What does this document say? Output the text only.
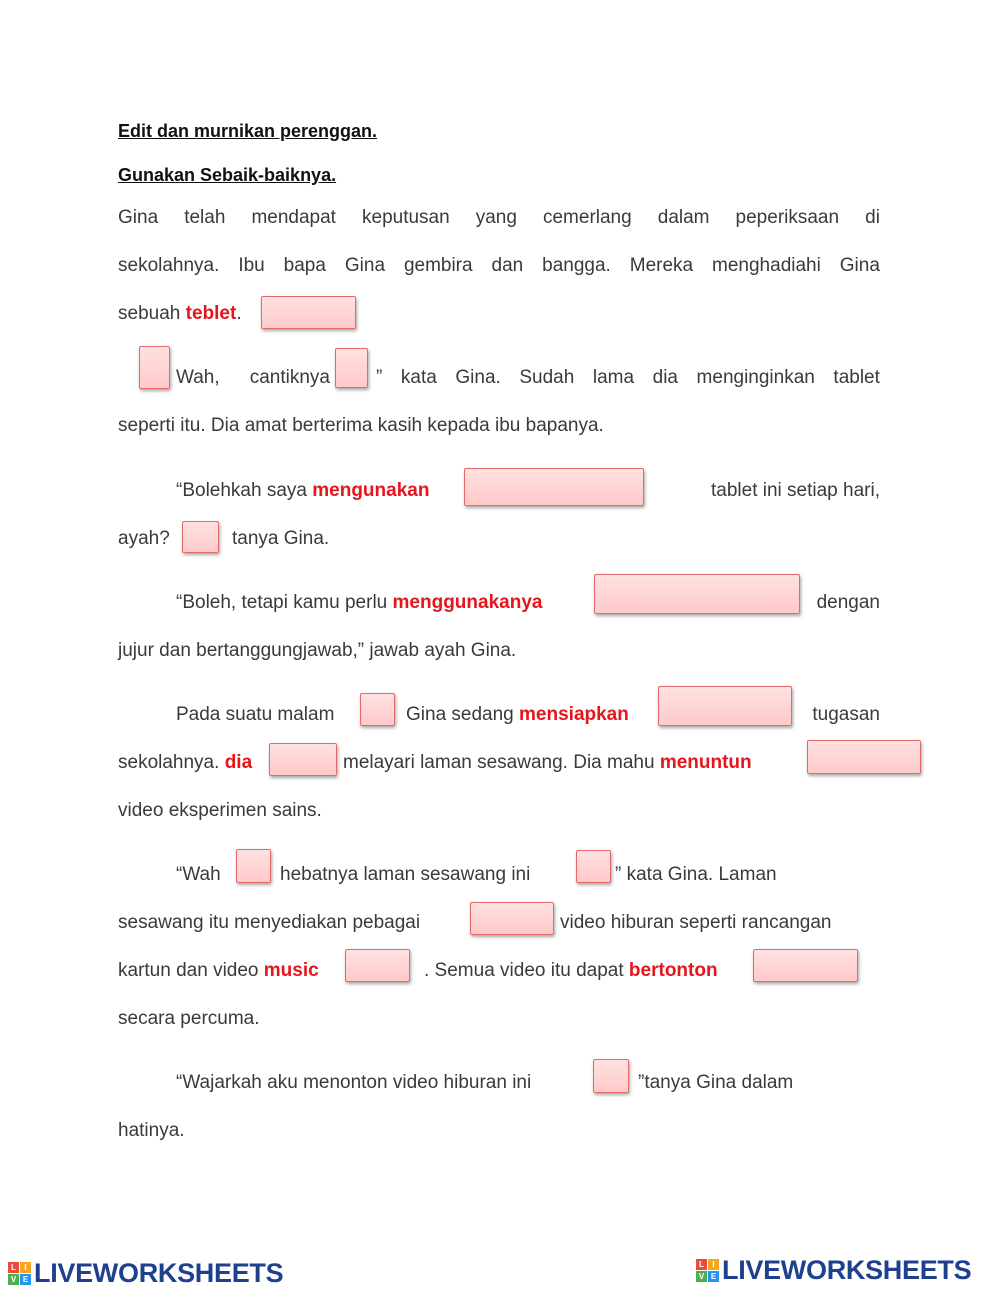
Edit dan murnikan perenggan.
Gunakan Sebaik-baiknya.
Gina telah mendapat keputusan yang cemerlang dalam peperiksaan di
sekolahnya. Ibu bapa Gina gembira dan bangga. Mereka menghadiahi Gina
sebuah teblet.
Wah, cantiknya ” kata Gina. Sudah lama dia menginginkan tablet
seperti itu. Dia amat berterima kasih kepada ibu bapanya.
“Bolehkah saya mengunakan	tablet ini setiap hari,
ayah?	tanya Gina.
“Boleh, tetapi kamu perlu menggunakanya	dengan
jujur dan bertanggungjawab,” jawab ayah Gina.
Pada suatu malam	Gina sedang mensiapkan	tugasan
sekolahnya. dia	melayari laman sesawang. Dia mahu menuntun
video eksperimen sains.
“Wah	hebatnya laman sesawang ini	” kata Gina. Laman
sesawang itu menyediakan pebagai	video hiburan seperti rancangan
kartun dan video music	. Semua video itu dapat bertonton
secara percuma.
“Wajarkah aku menonton video hiburan ini	”tanya Gina dalam
hatinya.
L	I
V E LIVEWORKSHEETS	L	I
V E LIVEWORKSHEETS
